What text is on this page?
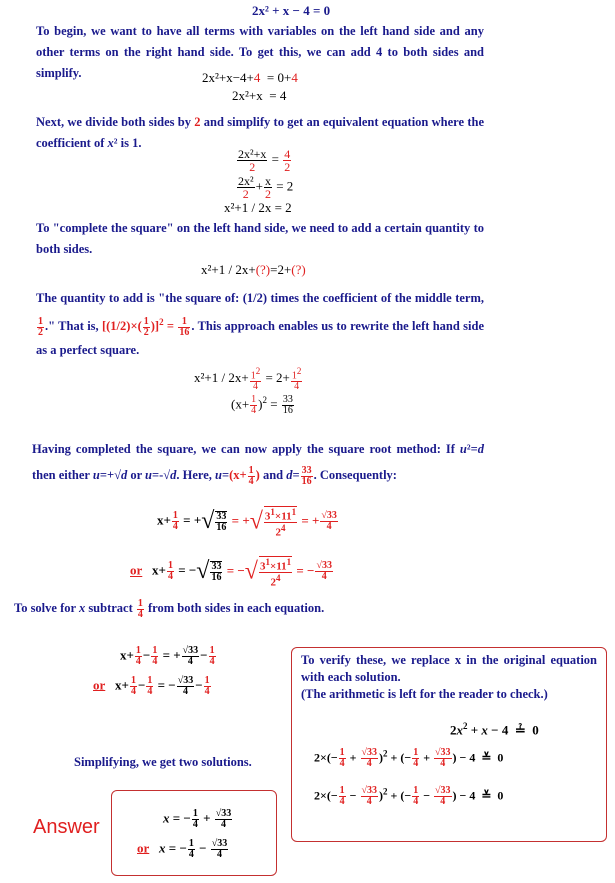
2x² + x − 4 = 0
To begin, we want to have all terms with variables on the left hand side and any other terms on the right hand side. To get this, we can add 4 to both sides and simplify.	2x²+x−4+4  = 0+4
2x²+x = 4
Next, we divide both sides by 2 and simplify to get an equivalent equation where the coefficient of x² is 1.
$\frac{\text{2x²+x}}{2} = \frac{4}{2}$
$\frac{\text{2x²}}{2} + \frac{x}{2} = 2$
x²+1 / 2x = 2
To "complete the square" on the left hand side, we need to add a certain quantity to both sides.
x²+1 / 2x+(?)=2+(?)
The quantity to add is "the square of: (1/2) times the coefficient of the middle term,
$\frac{1}{2}$ ." That is, $[(1/2)\times( \frac{1}{2} )]^2 = \frac{1}{16}$ . This approach enables us to rewrite the left hand side as a perfect square.
$x^2+1 / 2x+ \frac{12}{4} = 2+ \frac{12}{4}$
$(x+ \frac{1}{4} )^2 = \frac{33}{16}$
Having completed the square, we can now apply the square root method: If u²=d then either u=+√d or u=-√d. Here, $u=(x+ \frac{1}{4}$ ) and $d= \frac{33}{16}$ . Consequently:
$x+ \frac{1}{4}$ = +√ $\frac{33}{16}$ = +√ $\frac{3^1\times 11^1}{2^4}$ = + $\frac{√33}{4}$
or   $x+ \frac{1}{4}$ = −√ $\frac{33}{16}$ = −√ $\frac{3^1\times 11^1}{2^4}$ = − $\frac{√33}{4}$
To solve for x subtract $\frac{1}{4}$ from both sides in each equation.
$x+ \frac{1}{4} - \frac{1}{4}$ = + $\frac{√33}{4} - \frac{1}{4}$
or   $x+ \frac{1}{4} - \frac{1}{4}$ = − $\frac{√33}{4} - \frac{1}{4}$
Simplifying, we get two solutions.
To verify these, we replace x in the original equation with each solution.
(The arithmetic is left for the reader to check.)
$2x^2 + x - 4$  ≟  0
$2\times(- \frac{1}{4} + \frac{√33}{4} )^2$ + (− $\frac{1}{4} + \frac{√33}{4}$ ) − 4  ≚  0
$2\times(- \frac{1}{4} - \frac{√33}{4} )^2$ + (− $\frac{1}{4} - \frac{√33}{4}$ ) − 4  ≚  0
Answer	x = − $\frac{1}{4} + \frac{√33}{4}$
or x = − $\frac{1}{4} - \frac{√33}{4}$
